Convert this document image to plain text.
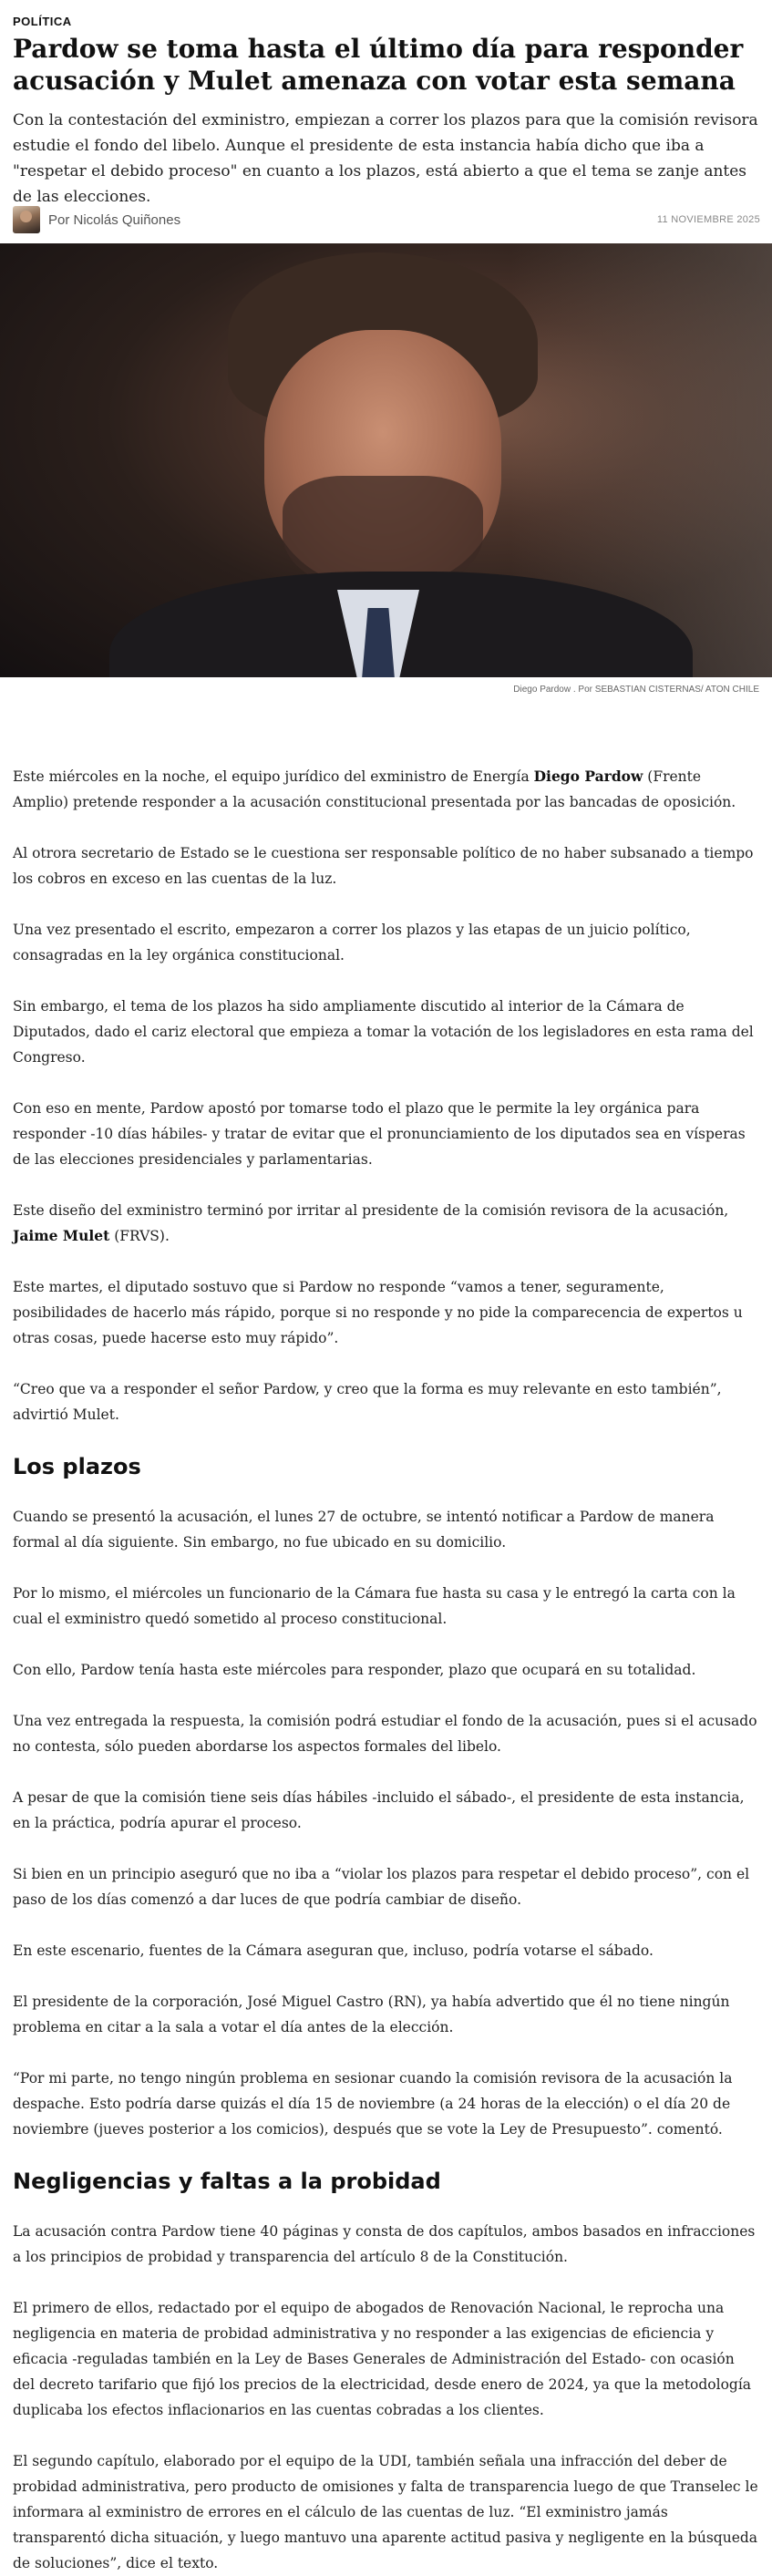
POLÍTICA
Pardow se toma hasta el último día para responder acusación y Mulet amenaza con votar esta semana

Con la contestación del exministro, empiezan a correr los plazos para que la comisión revisora estudie el fondo del libelo. Aunque el presidente de esta instancia había dicho que iba a "respetar el debido proceso" en cuanto a los plazos, está abierto a que el tema se zanje antes de las elecciones.

Por Nicolás Quiñones	11 NOVIEMBRE 2025
Diego Pardow . Por SEBASTIAN CISTERNAS/ ATON CHILE

Este miércoles en la noche, el equipo jurídico del exministro de Energía Diego Pardow (Frente Amplio) pretende responder a la acusación constitucional presentada por las bancadas de oposición.

Al otrora secretario de Estado se le cuestiona ser responsable político de no haber subsanado a tiempo los cobros en exceso en las cuentas de la luz.

Una vez presentado el escrito, empezaron a correr los plazos y las etapas de un juicio político, consagradas en la ley orgánica constitucional.

Sin embargo, el tema de los plazos ha sido ampliamente discutido al interior de la Cámara de Diputados, dado el cariz electoral que empieza a tomar la votación de los legisladores en esta rama del Congreso.

Con eso en mente, Pardow apostó por tomarse todo el plazo que le permite la ley orgánica para responder -10 días hábiles- y tratar de evitar que el pronunciamiento de los diputados sea en vísperas de las elecciones presidenciales y parlamentarias.

Este diseño del exministro terminó por irritar al presidente de la comisión revisora de la acusación, Jaime Mulet (FRVS).

Este martes, el diputado sostuvo que si Pardow no responde “vamos a tener, seguramente, posibilidades de hacerlo más rápido, porque si no responde y no pide la comparecencia de expertos u otras cosas, puede hacerse esto muy rápido”.

“Creo que va a responder el señor Pardow, y creo que la forma es muy relevante en esto también”, advirtió Mulet.

Los plazos

Cuando se presentó la acusación, el lunes 27 de octubre, se intentó notificar a Pardow de manera formal al día siguiente. Sin embargo, no fue ubicado en su domicilio.

Por lo mismo, el miércoles un funcionario de la Cámara fue hasta su casa y le entregó la carta con la cual el exministro quedó sometido al proceso constitucional.

Con ello, Pardow tenía hasta este miércoles para responder, plazo que ocupará en su totalidad.

Una vez entregada la respuesta, la comisión podrá estudiar el fondo de la acusación, pues si el acusado no contesta, sólo pueden abordarse los aspectos formales del libelo.

A pesar de que la comisión tiene seis días hábiles -incluido el sábado-, el presidente de esta instancia, en la práctica, podría apurar el proceso.

Si bien en un principio aseguró que no iba a “violar los plazos para respetar el debido proceso”, con el paso de los días comenzó a dar luces de que podría cambiar de diseño.

En este escenario, fuentes de la Cámara aseguran que, incluso, podría votarse el sábado.

El presidente de la corporación, José Miguel Castro (RN), ya había advertido que él no tiene ningún problema en citar a la sala a votar el día antes de la elección.

“Por mi parte, no tengo ningún problema en sesionar cuando la comisión revisora de la acusación la despache. Esto podría darse quizás el día 15 de noviembre (a 24 horas de la elección) o el día 20 de noviembre (jueves posterior a los comicios), después que se vote la Ley de Presupuesto”. comentó.

Negligencias y faltas a la probidad

La acusación contra Pardow tiene 40 páginas y consta de dos capítulos, ambos basados en infracciones a los principios de probidad y transparencia del artículo 8 de la Constitución.

El primero de ellos, redactado por el equipo de abogados de Renovación Nacional, le reprocha una negligencia en materia de probidad administrativa y no responder a las exigencias de eficiencia y eficacia -reguladas también en la Ley de Bases Generales de Administración del Estado- con ocasión del decreto tarifario que fijó los precios de la electricidad, desde enero de 2024, ya que la metodología duplicaba los efectos inflacionarios en las cuentas cobradas a los clientes.

El segundo capítulo, elaborado por el equipo de la UDI, también señala una infracción del deber de probidad administrativa, pero producto de omisiones y falta de transparencia luego de que Transelec le informara al exministro de errores en el cálculo de las cuentas de luz. “El exministro jamás transparentó dicha situación, y luego mantuvo una aparente actitud pasiva y negligente en la búsqueda de soluciones”, dice el texto.
